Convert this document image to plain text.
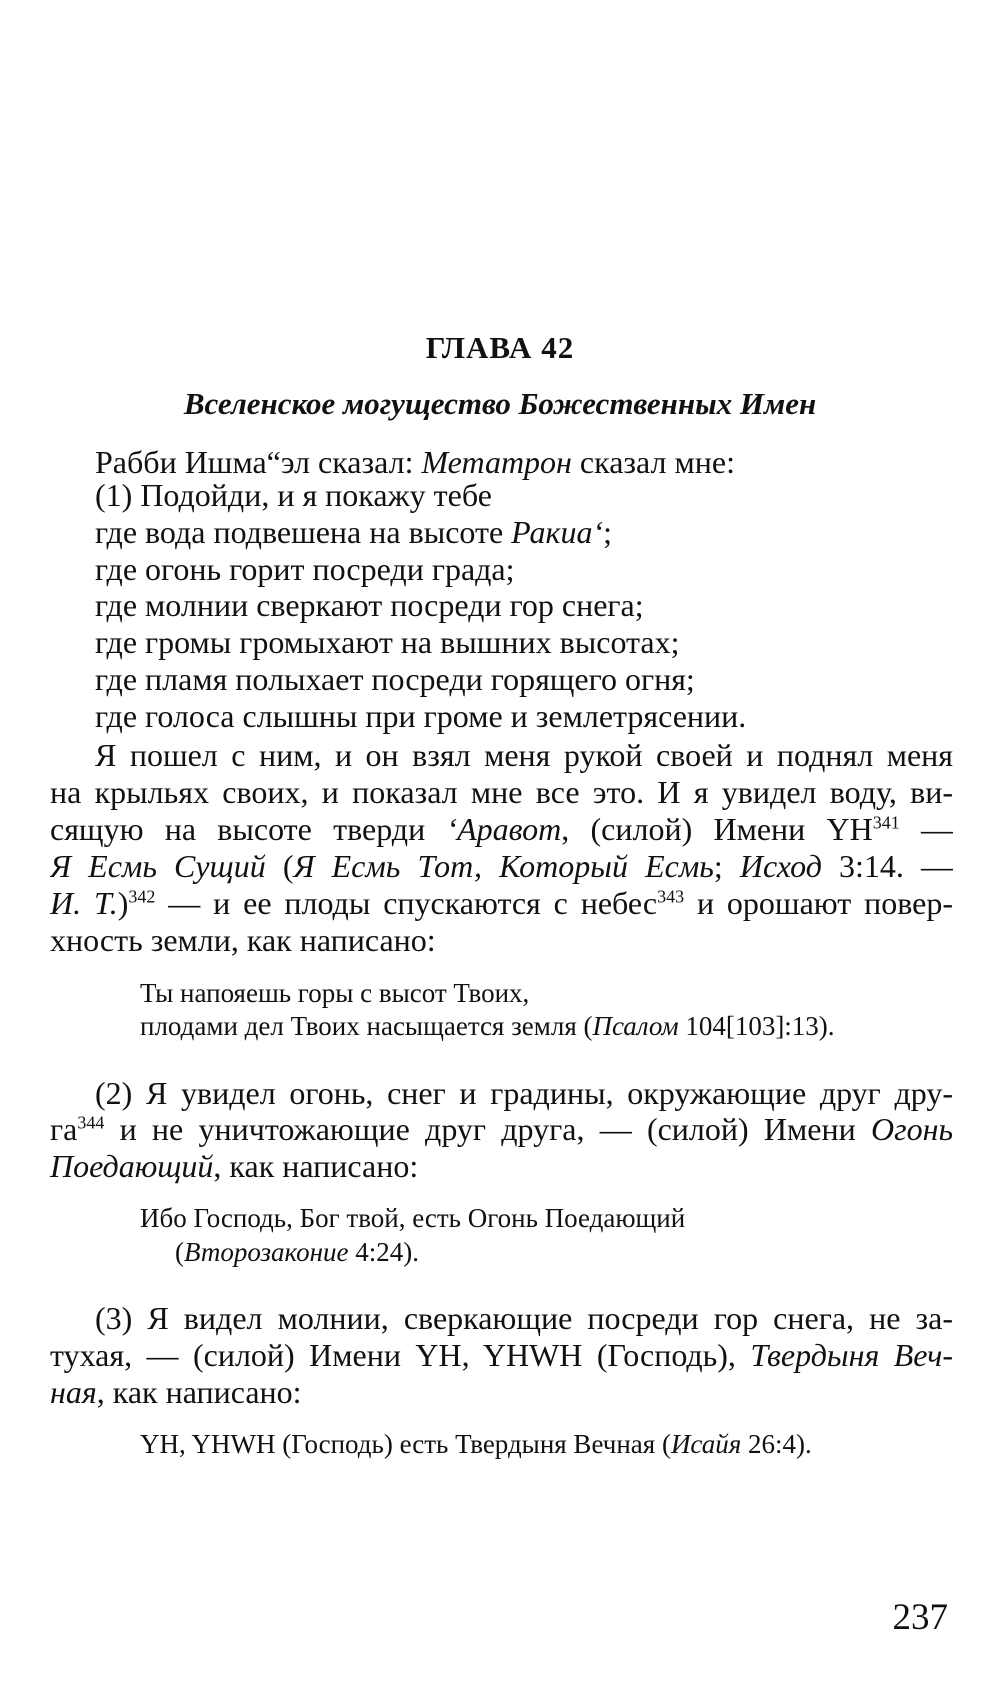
ГЛАВА 42
Вселенское могущество Божественных Имен
Рабби Ишма“эл сказал: Метатрон сказал мне:
(1) Подойди, и я покажу тебе
где вода подвешена на высоте Ракиа‘;
где огонь горит посреди града;
где молнии сверкают посреди гор снега;
где громы громыхают на вышних высотах;
где пламя полыхает посреди горящего огня;
где голоса слышны при громе и землетрясении.
Я пошел с ним, и он взял меня рукой своей и поднял меня
на крыльях своих, и показал мне все это. И я увидел воду, ви-
сящую на высоте тверди ‘Аравот, (силой) Имени YH$^{341}$ —
Я Есмь Сущий (Я Есмь Тот, Который Есмь; Исход 3:14. —
И. Т.)$^{342}$ — и ее плоды спускаются с небес$^{343}$ и орошают повер-
хность земли, как написано:
Ты напояешь горы с высот Твоих,
плодами дел Твоих насыщается земля (Псалом 104[103]:13).
(2) Я увидел огонь, снег и градины, окружающие друг дру-
$га^{344}$ и не уничтожающие друг друга, — (силой) Имени Огонь
Поедающий, как написано:
Ибо Господь, Бог твой, есть Огонь Поедающий
(Второзаконие 4:24).
(3) Я видел молнии, сверкающие посреди гор снега, не за-
тухая, — (силой) Имени YH, YHWH (Господь), Твердыня Веч-
ная, как написано:
YH, YHWH (Господь) есть Твердыня Вечная (Исайя 26:4).
237
